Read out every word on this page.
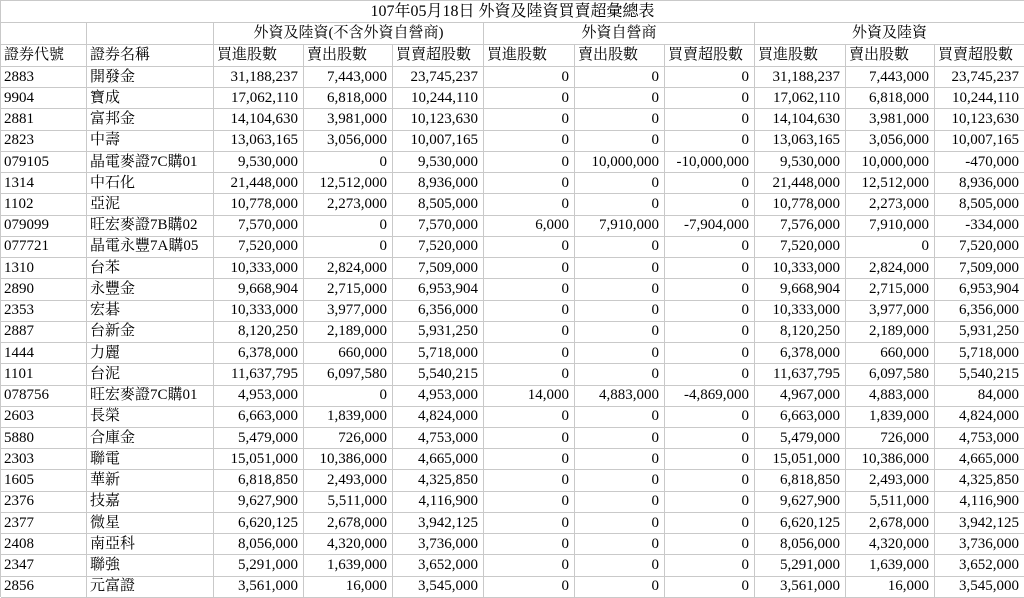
107年05月18日 外資及陸資買賣超彙總表
外資及陸資(不含外資自營商)	外資自營商	外資及陸資
證券代號	證券名稱	買進股數	賣出股數	買賣超股數	買進股數	賣出股數	買賣超股數 買進股數	賣出股數	買賣超股數
2883	開發金	31,188,237	7,443,000	23,745,237	0	0	0	31,188,237	7,443,000	23,745,237
9904	寶成	17,062,110	6,818,000	10,244,110	0	0	0	17,062,110	6,818,000	10,244,110
2881	富邦金	14,104,630	3,981,000	10,123,630	0	0	0	14,104,630	3,981,000	10,123,630
2823	中壽	13,063,165	3,056,000	10,007,165	0	0	0	13,063,165	3,056,000	10,007,165
079105	晶電麥證7C購01	9,530,000	0	9,530,000	0	10,000,000	-10,000,000	9,530,000	10,000,000	-470,000
1314	中石化	21,448,000	12,512,000	8,936,000	0	0	0	21,448,000	12,512,000	8,936,000
1102	亞泥	10,778,000	2,273,000	8,505,000	0	0	0	10,778,000	2,273,000	8,505,000
079099	旺宏麥證7B購02	7,570,000	0	7,570,000	6,000	7,910,000	-7,904,000	7,576,000	7,910,000	-334,000
077721	晶電永豐7A購05	7,520,000	0	7,520,000	0	0	0	7,520,000	0	7,520,000
1310	台苯	10,333,000	2,824,000	7,509,000	0	0	0	10,333,000	2,824,000	7,509,000
2890	永豐金	9,668,904	2,715,000	6,953,904	0	0	0	9,668,904	2,715,000	6,953,904
2353	宏碁	10,333,000	3,977,000	6,356,000	0	0	0	10,333,000	3,977,000	6,356,000
2887	台新金	8,120,250	2,189,000	5,931,250	0	0	0	8,120,250	2,189,000	5,931,250
1444	力麗	6,378,000	660,000	5,718,000	0	0	0	6,378,000	660,000	5,718,000
1101	台泥	11,637,795	6,097,580	5,540,215	0	0	0	11,637,795	6,097,580	5,540,215
078756	旺宏麥證7C購01	4,953,000	0	4,953,000	14,000	4,883,000	-4,869,000	4,967,000	4,883,000	84,000
2603	長榮	6,663,000	1,839,000	4,824,000	0	0	0	6,663,000	1,839,000	4,824,000
5880	合庫金	5,479,000	726,000	4,753,000	0	0	0	5,479,000	726,000	4,753,000
2303	聯電	15,051,000	10,386,000	4,665,000	0	0	0	15,051,000	10,386,000	4,665,000
1605	華新	6,818,850	2,493,000	4,325,850	0	0	0	6,818,850	2,493,000	4,325,850
2376	技嘉	9,627,900	5,511,000	4,116,900	0	0	0	9,627,900	5,511,000	4,116,900
2377	微星	6,620,125	2,678,000	3,942,125	0	0	0	6,620,125	2,678,000	3,942,125
2408	南亞科	8,056,000	4,320,000	3,736,000	0	0	0	8,056,000	4,320,000	3,736,000
2347	聯強	5,291,000	1,639,000	3,652,000	0	0	0	5,291,000	1,639,000	3,652,000
2856	元富證	3,561,000	16,000	3,545,000	0	0	0	3,561,000	16,000	3,545,000
